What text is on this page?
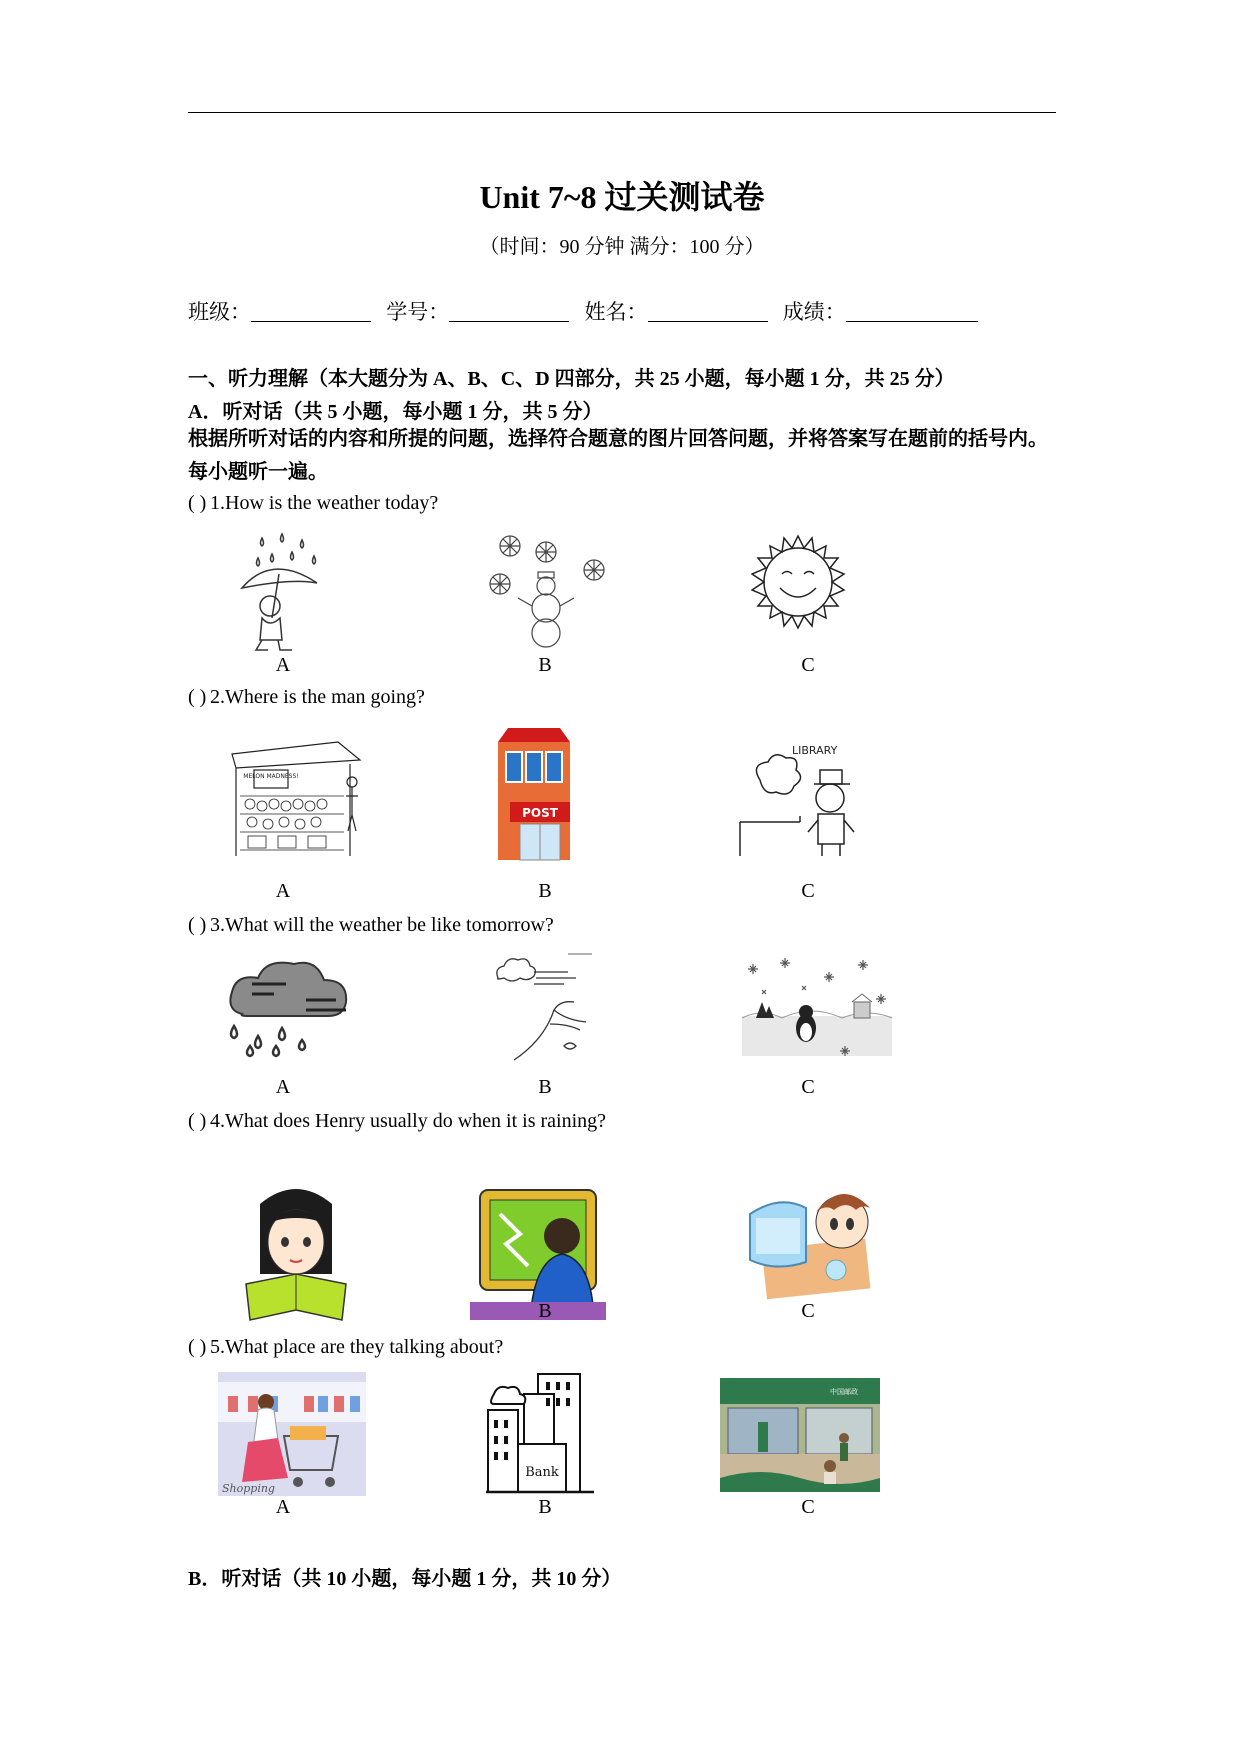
Unit 7~8 过关测试卷
（时间：90 分钟 满分：100 分）
班级：	学号：	姓名：	成绩：
一、听力理解（本大题分为 A、B、C、D 四部分，共 25 小题，每小题 1 分，共 25 分）
A．听对话（共 5 小题，每小题 1 分，共 5 分）
根据所听对话的内容和所提的问题，选择符合题意的图片回答问题，并将答案写在题前的括号内。每小题听一遍。
( ) 1.How is the weather today?
A	B	C
( ) 2.Where is the man going?
MELON MADNESS!
POST
LIBRARY
A	B	C
( ) 3.What will the weather be like tomorrow?
A	B	C
( ) 4.What does Henry usually do when it is raining?
B	C
( ) 5.What place are they talking about?
Shopping
Bank
中国邮政
A	B	C
B．听对话（共 10 小题，每小题 1 分，共 10 分）
